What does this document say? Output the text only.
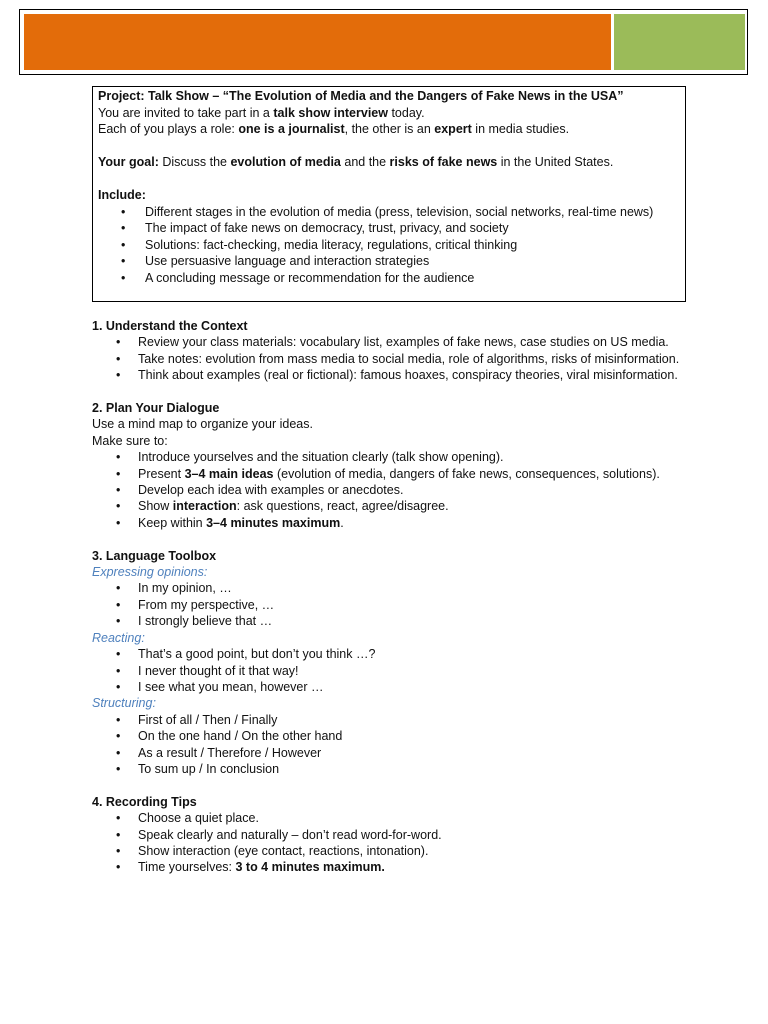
Project: Talk Show – “The Evolution of Media and the Dangers of Fake News in the USA”

You are invited to take part in a talk show interview today.

Each of you plays a role: one is a journalist, the other is an expert in media studies.

Your goal: Discuss the evolution of media and the risks of fake news in the United States.

Include:

• Different stages in the evolution of media (press, television, social networks, real-time news)
• The impact of fake news on democracy, trust, privacy, and society
• Solutions: fact-checking, media literacy, regulations, critical thinking
• Use persuasive language and interaction strategies
• A concluding message or recommendation for the audience

1. Understand the Context

• Review your class materials: vocabulary list, examples of fake news, case studies on US media.
• Take notes: evolution from mass media to social media, role of algorithms, risks of misinformation.
• Think about examples (real or fictional): famous hoaxes, conspiracy theories, viral misinformation.

2. Plan Your Dialogue

Use a mind map to organize your ideas.

Make sure to:

• Introduce yourselves and the situation clearly (talk show opening).
• Present 3–4 main ideas (evolution of media, dangers of fake news, consequences, solutions).
• Develop each idea with examples or anecdotes.
• Show interaction: ask questions, react, agree/disagree.
• Keep within 3–4 minutes maximum.

3. Language Toolbox

Expressing opinions:

• In my opinion, …
• From my perspective, …
• I strongly believe that …

Reacting:

• That’s a good point, but don’t you think …?
• I never thought of it that way!
• I see what you mean, however …

Structuring:

• First of all / Then / Finally
• On the one hand / On the other hand
• As a result / Therefore / However
• To sum up / In conclusion

4. Recording Tips

• Choose a quiet place.
• Speak clearly and naturally – don’t read word-for-word.
• Show interaction (eye contact, reactions, intonation).
• Time yourselves: 3 to 4 minutes maximum.
